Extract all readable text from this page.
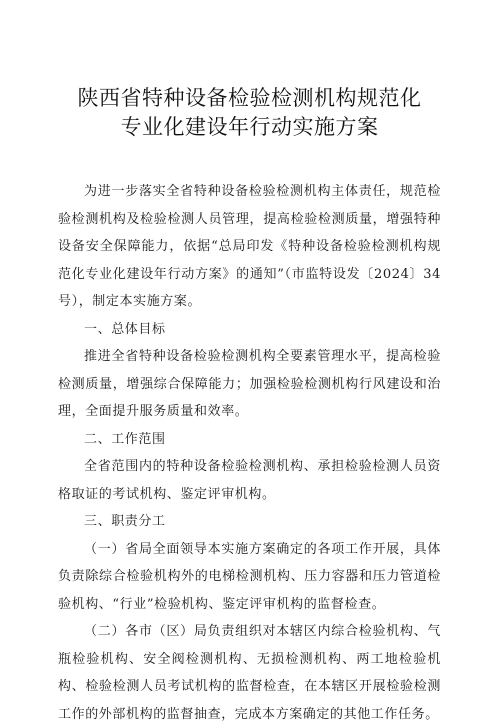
陕西省特种设备检验检测机构规范化
专业化建设年行动实施方案

为进一步落实全省特种设备检验检测机构主体责任，规范检验检测机构及检验检测人员管理，提高检验检测质量，增强特种设备安全保障能力，依据“总局印发《特种设备检验检测机构规范化专业化建设年行动方案》的通知”（市监特设发〔2024〕34号），制定本实施方案。

一、总体目标

推进全省特种设备检验检测机构全要素管理水平，提高检验检测质量，增强综合保障能力；加强检验检测机构行风建设和治理，全面提升服务质量和效率。

二、工作范围

全省范围内的特种设备检验检测机构、承担检验检测人员资格取证的考试机构、鉴定评审机构。

三、职责分工

（一）省局全面领导本实施方案确定的各项工作开展，具体负责除综合检验机构外的电梯检测机构、压力容器和压力管道检验机构、“行业”检验机构、鉴定评审机构的监督检查。

（二）各市（区）局负责组织对本辖区内综合检验机构、气瓶检验机构、安全阀检测机构、无损检测机构、两工地检验机构、检验检测人员考试机构的监督检查，在本辖区开展检验检测工作的外部机构的监督抽查，完成本方案确定的其他工作任务。
